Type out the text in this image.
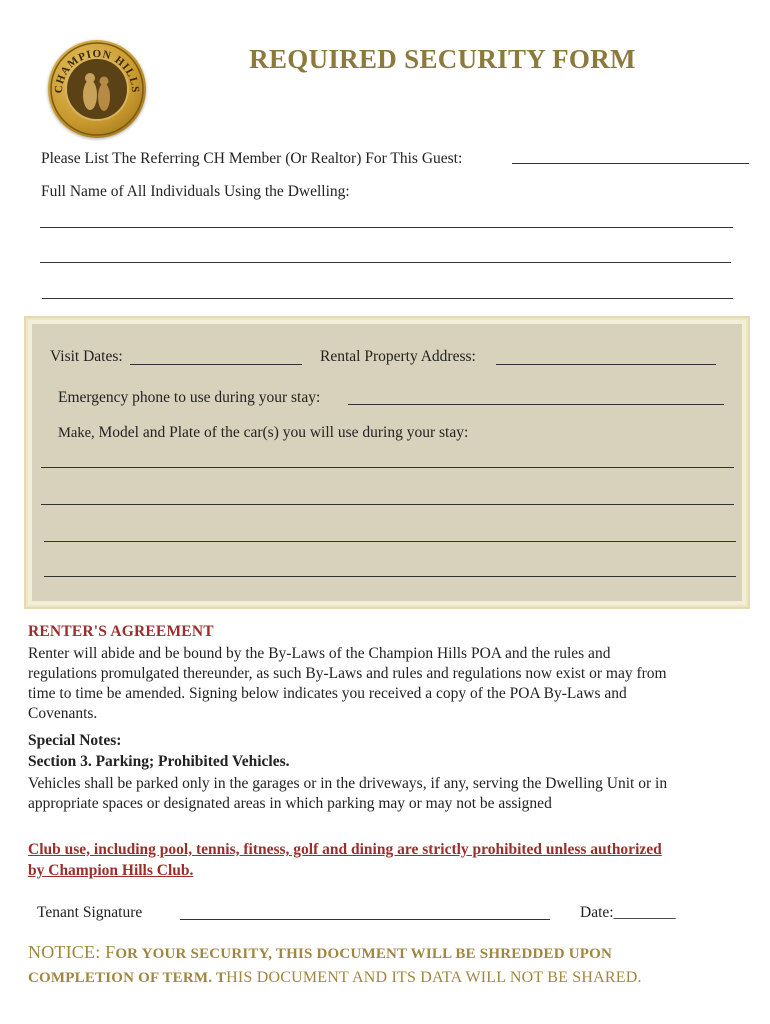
CHAMPION HILLS
REQUIRED SECURITY FORM
Please List The Referring CH Member (Or Realtor) For This Guest:
Full Name of All Individuals Using the Dwelling:
Visit Dates:	Rental Property Address:
Emergency phone to use during your stay:
Make, Model and Plate of the car(s) you will use during your stay:
RENTER'S AGREEMENT
Renter will abide and be bound by the By-Laws of the Champion Hills POA and the rules and
regulations promulgated thereunder, as such By-Laws and rules and regulations now exist or may from
time to time be amended. Signing below indicates you received a copy of the POA By-Laws and
Covenants.
Special Notes:
Section 3. Parking; Prohibited Vehicles.
Vehicles shall be parked only in the garages or in the driveways, if any, serving the Dwelling Unit or in
appropriate spaces or designated areas in which parking may or may not be assigned
Club use, including pool, tennis, fitness, golf and dining are strictly prohibited unless authorized
by Champion Hills Club.
Tenant Signature	Date:________
NOTICE: FOR YOUR SECURITY, THIS DOCUMENT WILL BE SHREDDED UPON
COMPLETION OF TERM. THIS DOCUMENT AND ITS DATA WILL NOT BE SHARED.
